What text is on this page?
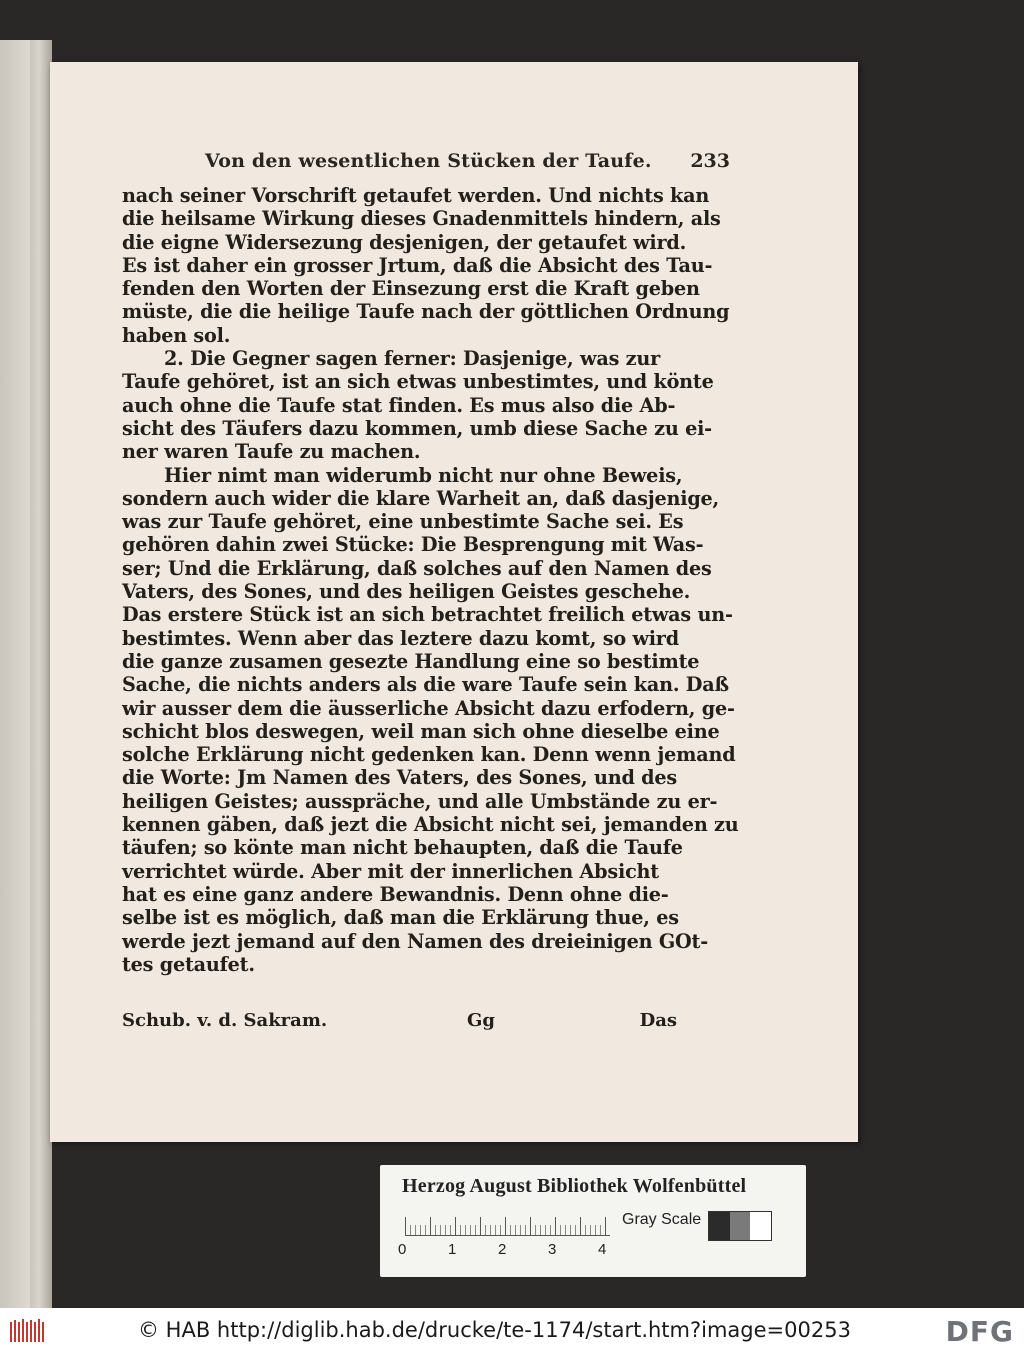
Von den wesentlichen Stücken der Taufe. 233
nach seiner Vorschrift getaufet werden. Und nichts kan
die heilsame Wirkung dieses Gnadenmittels hindern, als
die eigne Widersezung desjenigen, der getaufet wird.
Es ist daher ein grosser Jrtum, daß die Absicht des Tau-
fenden den Worten der Einsezung erst die Kraft geben
müste, die die heilige Taufe nach der göttlichen Ordnung
haben sol.
2. Die Gegner sagen ferner: Dasjenige, was zur
Taufe gehöret, ist an sich etwas unbestimtes, und könte
auch ohne die Taufe stat finden. Es mus also die Ab-
sicht des Täufers dazu kommen, umb diese Sache zu ei-
ner waren Taufe zu machen.
Hier nimt man widerumb nicht nur ohne Beweis,
sondern auch wider die klare Warheit an, daß dasjenige,
was zur Taufe gehöret, eine unbestimte Sache sei. Es
gehören dahin zwei Stücke: Die Besprengung mit Was-
ser; Und die Erklärung, daß solches auf den Namen des
Vaters, des Sones, und des heiligen Geistes geschehe.
Das erstere Stück ist an sich betrachtet freilich etwas un-
bestimtes. Wenn aber das leztere dazu komt, so wird
die ganze zusamen gesezte Handlung eine so bestimte
Sache, die nichts anders als die ware Taufe sein kan. Daß
wir ausser dem die äusserliche Absicht dazu erfodern, ge-
schicht blos deswegen, weil man sich ohne dieselbe eine
solche Erklärung nicht gedenken kan. Denn wenn jemand
die Worte: Jm Namen des Vaters, des Sones, und des
heiligen Geistes; ausspräche, und alle Umbstände zu er-
kennen gäben, daß jezt die Absicht nicht sei, jemanden zu
täufen; so könte man nicht behaupten, daß die Taufe
verrichtet würde. Aber mit der innerlichen Absicht
hat es eine ganz andere Bewandnis. Denn ohne die-
selbe ist es möglich, daß man die Erklärung thue, es
werde jezt jemand auf den Namen des dreieinigen GOt-
tes getaufet.
Schub. v. d. Sakram.	Gg	Das
Herzog August Bibliothek Wolfenbüttel
0	1	2	3	4
Gray Scale
© HAB http://diglib.hab.de/drucke/te-1174/start.htm?image=00253	DFG
